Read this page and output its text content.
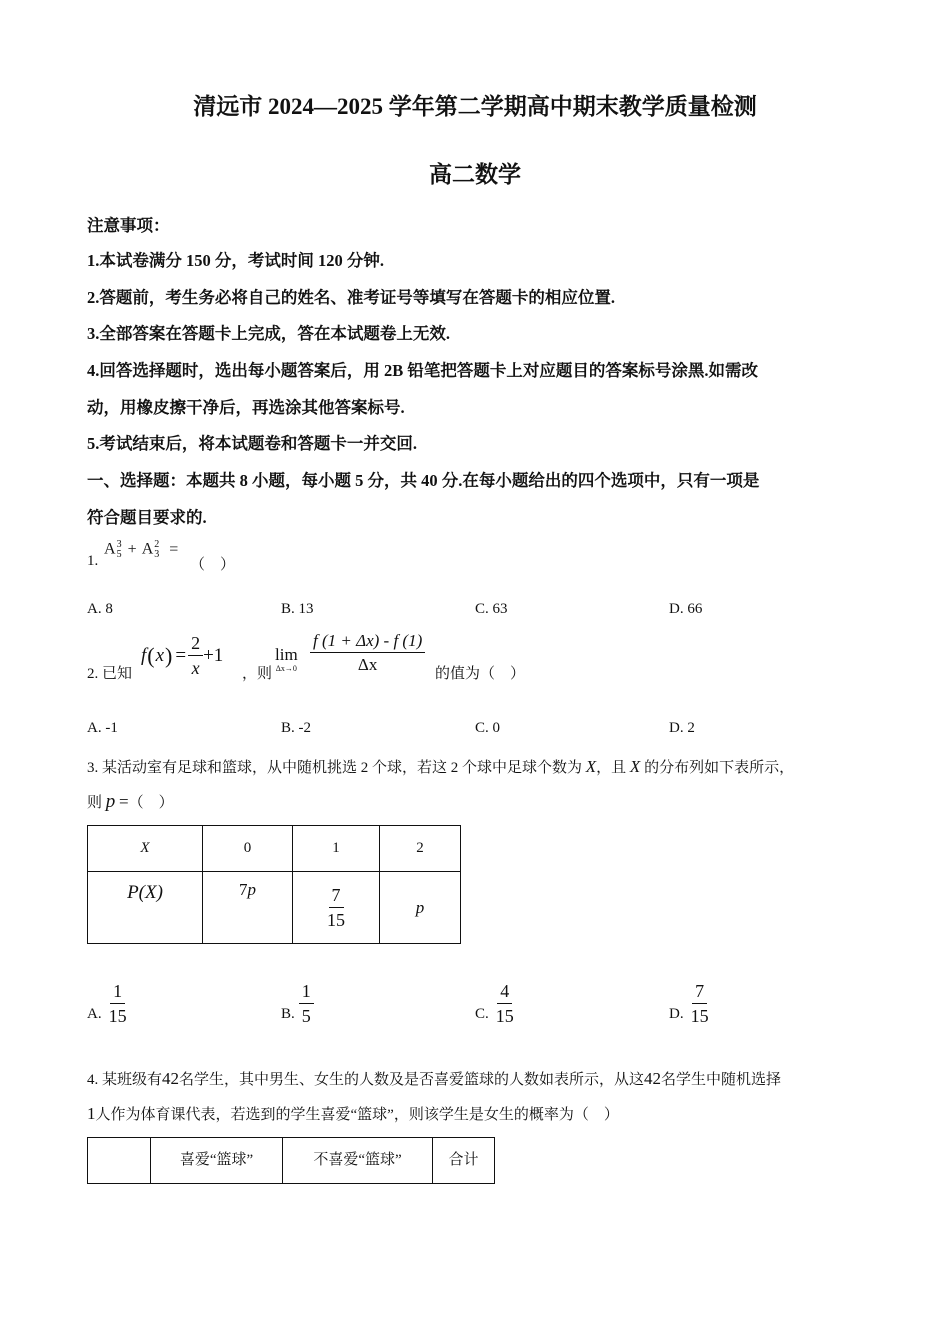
清远市 2024—2025 学年第二学期高中期末教学质量检测
高二数学
注意事项：
1.本试卷满分 150 分，考试时间 120 分钟.
2.答题前，考生务必将自己的姓名、准考证号等填写在答题卡的相应位置.
3.全部答案在答题卡上完成，答在本试题卷上无效.
4.回答选择题时，选出每小题答案后，用 2B 铅笔把答题卡上对应题目的答案标号涂黑.如需改
动，用橡皮擦干净后，再选涂其他答案标号.
5.考试结束后，将本试题卷和答题卡一并交回.
一、选择题：本题共 8 小题，每小题 5 分，共 40 分.在每小题给出的四个选项中，只有一项是
符合题目要求的.
1.
A 3
5 + A 2
3 =
（　）
A. 8	B. 13	C. 63	D. 66
2. 已知
f ( x ) = $\frac{2}{x} +1$
，则
lim
$\Delta x\to 0 \frac{f (1 + \Delta x) - f (1)}{\Delta x}$
的值为（　）
A. -1	B. -2	C. 0	D. 2
3. 某活动室有足球和篮球，从中随机挑选 2 个球，若这 2 个球中足球个数为 X，且 X 的分布列如下表所示，
则 p =（　）
X	0	1	2
P(X)	7p	$\frac{7}{15}$	p
A. $\frac{1}{15}$	B. $\frac{1}{5}$	C. $\frac{4}{15}$	D. $\frac{7}{15}$
4. 某班级有42名学生，其中男生、女生的人数及是否喜爱篮球的人数如表所示，从这42名学生中随机选择
1人作为体育课代表，若选到的学生喜爱“篮球”，则该学生是女生的概率为（　）
	喜爱“篮球”	不喜爱“篮球”	合计
